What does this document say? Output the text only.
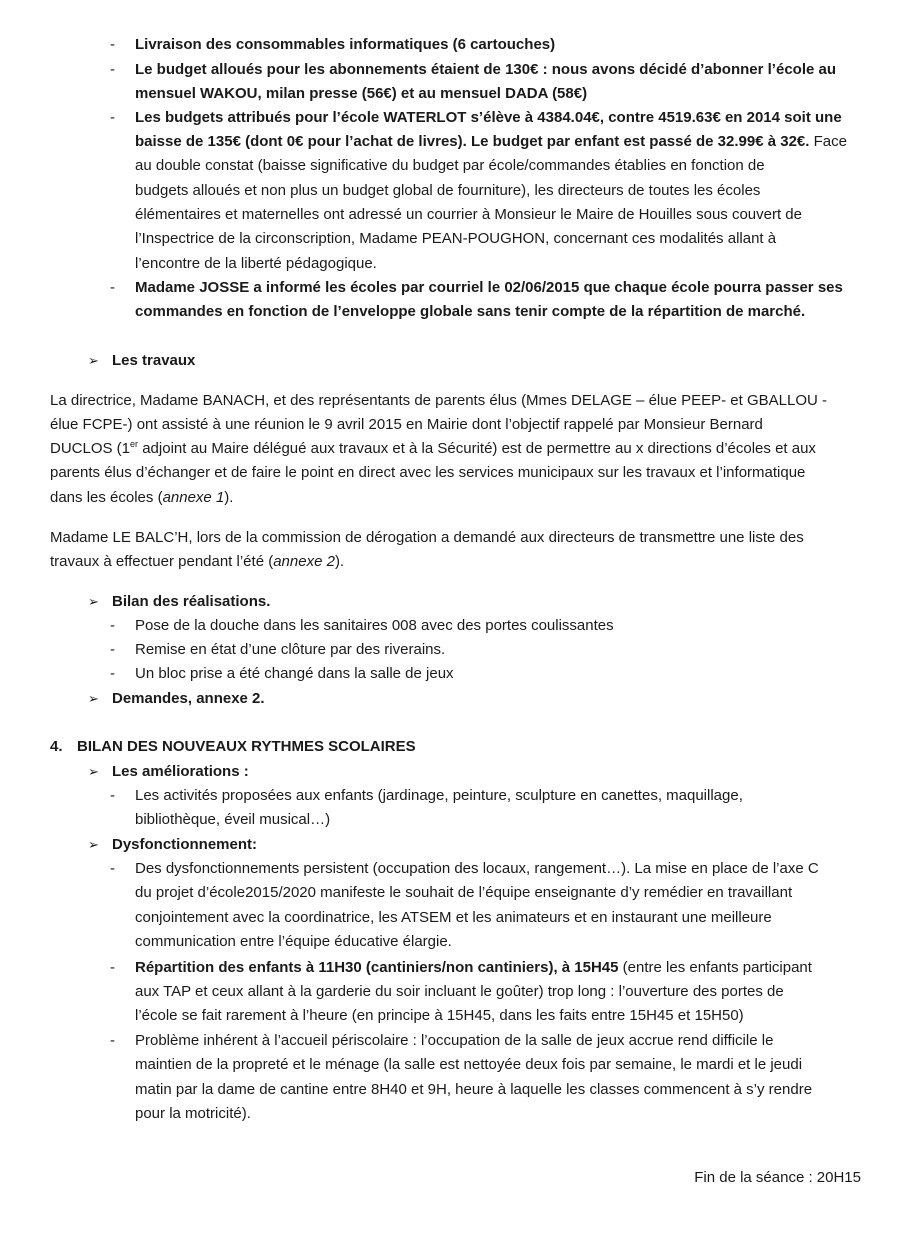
- Livraison des consommables informatiques (6 cartouches)
- Le budget alloués pour les abonnements étaient de 130€ : nous avons décidé d’abonner l’école au
mensuel WAKOU, milan presse (56€) et au mensuel DADA (58€)
- Les budgets attribués pour l’école WATERLOT s’élève à 4384.04€, contre 4519.63€ en 2014 soit une
baisse de 135€ (dont 0€ pour l’achat de livres). Le budget par enfant est passé de 32.99€ à 32€. Face
au double constat (baisse significative du budget par école/commandes établies en fonction de
budgets alloués et non plus un budget global de fourniture), les directeurs de toutes les écoles
élémentaires et maternelles ont adressé un courrier à Monsieur le Maire de Houilles sous couvert de
l’Inspectrice de la circonscription, Madame PEAN-POUGHON, concernant ces modalités allant à
l’encontre de la liberté pédagogique.
- Madame JOSSE a informé les écoles par courriel le 02/06/2015 que chaque école pourra passer ses
commandes en fonction de l’enveloppe globale sans tenir compte de la répartition de marché.
➢ Les travaux
La directrice, Madame BANACH, et des représentants de parents élus (Mmes DELAGE – élue PEEP- et GBALLOU -
élue FCPE-) ont assisté à une réunion le 9 avril 2015 en Mairie dont l’objectif rappelé par Monsieur Bernard
DUCLOS (1er adjoint au Maire délégué aux travaux et à la Sécurité) est de permettre au x directions d’écoles et aux
parents élus d’échanger et de faire le point en direct avec les services municipaux sur les travaux et l’informatique
dans les écoles (annexe 1).
Madame LE BALC’H, lors de la commission de dérogation a demandé aux directeurs de transmettre une liste des
travaux à effectuer pendant l’été (annexe 2).
➢ Bilan des réalisations.
- Pose de la douche dans les sanitaires 008 avec des portes coulissantes
- Remise en état d’une clôture par des riverains.
- Un bloc prise a été changé dans la salle de jeux
➢ Demandes, annexe 2.
4. BILAN DES NOUVEAUX RYTHMES SCOLAIRES
➢ Les améliorations :
- Les activités proposées aux enfants (jardinage, peinture, sculpture en canettes, maquillage,
bibliothèque, éveil musical…)
➢ Dysfonctionnement:
- Des dysfonctionnements persistent (occupation des locaux, rangement…). La mise en place de l’axe C
du projet d’école2015/2020 manifeste le souhait de l’équipe enseignante d’y remédier en travaillant
conjointement avec la coordinatrice, les ATSEM et les animateurs et en instaurant une meilleure
communication entre l’équipe éducative élargie.
- Répartition des enfants à 11H30 (cantiniers/non cantiniers), à 15H45 (entre les enfants participant
aux TAP et ceux allant à la garderie du soir incluant le goûter) trop long : l’ouverture des portes de
l’école se fait rarement à l’heure (en principe à 15H45, dans les faits entre 15H45 et 15H50)
- Problème inhérent à l’accueil périscolaire : l’occupation de la salle de jeux accrue rend difficile le
maintien de la propreté et le ménage (la salle est nettoyée deux fois par semaine, le mardi et le jeudi
matin par la dame de cantine entre 8H40 et 9H, heure à laquelle les classes commencent à s’y rendre
pour la motricité).
Fin de la séance : 20H15
